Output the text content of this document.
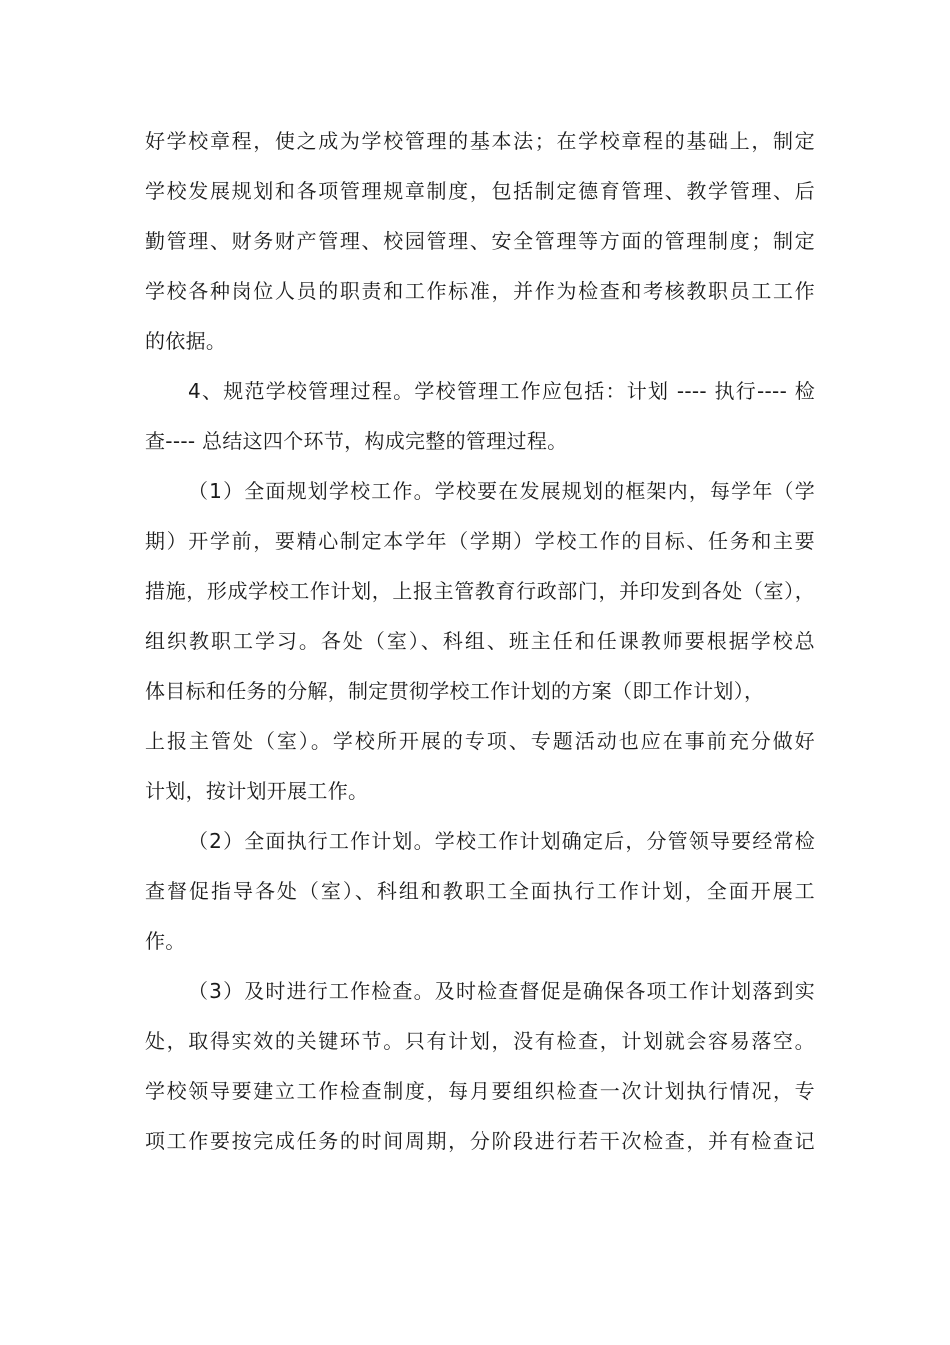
好学校章程，使之成为学校管理的基本法；在学校章程的基础上，制定
学校发展规划和各项管理规章制度，包括制定德育管理、教学管理、后
勤管理、财务财产管理、校园管理、安全管理等方面的管理制度；制定
学校各种岗位人员的职责和工作标准，并作为检查和考核教职员工工作
的依据。
4、规范学校管理过程。学校管理工作应包括：计划 ---- 执行---- 检
查---- 总结这四个环节，构成完整的管理过程。
（1）全面规划学校工作。学校要在发展规划的框架内，每学年（学
期）开学前，要精心制定本学年（学期）学校工作的目标、任务和主要
措施，形成学校工作计划，上报主管教育行政部门，并印发到各处（室），
组织教职工学习。各处（室）、科组、班主任和任课教师要根据学校总
体目标和任务的分解，制定贯彻学校工作计划的方案（即工作计划），
上报主管处（室）。学校所开展的专项、专题活动也应在事前充分做好
计划，按计划开展工作。
（2）全面执行工作计划。学校工作计划确定后，分管领导要经常检
查督促指导各处（室）、科组和教职工全面执行工作计划，全面开展工
作。
（3）及时进行工作检查。及时检查督促是确保各项工作计划落到实
处，取得实效的关键环节。只有计划，没有检查，计划就会容易落空。
学校领导要建立工作检查制度，每月要组织检查一次计划执行情况，专
项工作要按完成任务的时间周期，分阶段进行若干次检查，并有检查记
